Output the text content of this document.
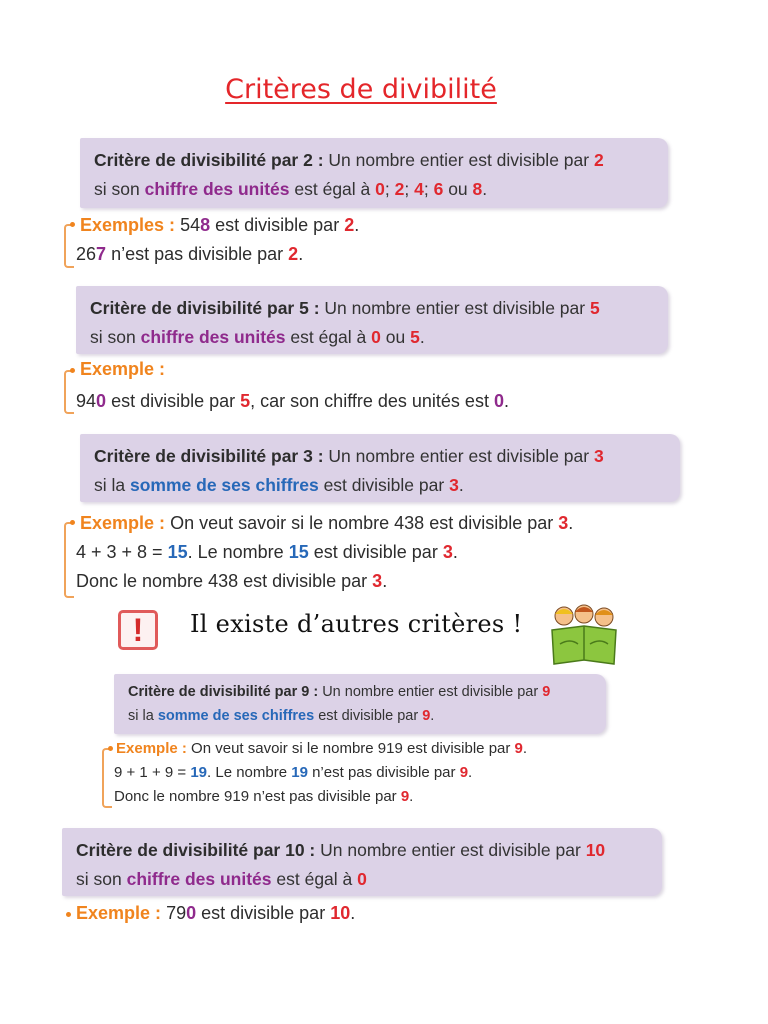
Critères de divibilité
Critère de divisibilité par 2 : Un nombre entier est divisible par 2
si son chiffre des unités est égal à 0; 2; 4; 6 ou 8.
Exemples : 548 est divisible par 2.
267 n’est pas divisible par 2.
Critère de divisibilité par 5 : Un nombre entier est divisible par 5
si son chiffre des unités est égal à 0 ou 5.
Exemple :
940 est divisible par 5, car son chiffre des unités est 0.
Critère de divisibilité par 3 : Un nombre entier est divisible par 3
si la somme de ses chiffres est divisible par 3.
Exemple : On veut savoir si le nombre 438 est divisible par 3.
4 + 3 + 8 = 15. Le nombre 15 est divisible par 3.
Donc le nombre 438 est divisible par 3.
!	Il existe d’autres critères !
Critère de divisibilité par 9 : Un nombre entier est divisible par 9
si la somme de ses chiffres est divisible par 9.
Exemple : On veut savoir si le nombre 919 est divisible par 9.
9 + 1 + 9 = 19. Le nombre 19 n’est pas divisible par 9.
Donc le nombre 919 n’est pas divisible par 9.
Critère de divisibilité par 10 : Un nombre entier est divisible par 10
si son chiffre des unités est égal à 0
Exemple : 790 est divisible par 10.
